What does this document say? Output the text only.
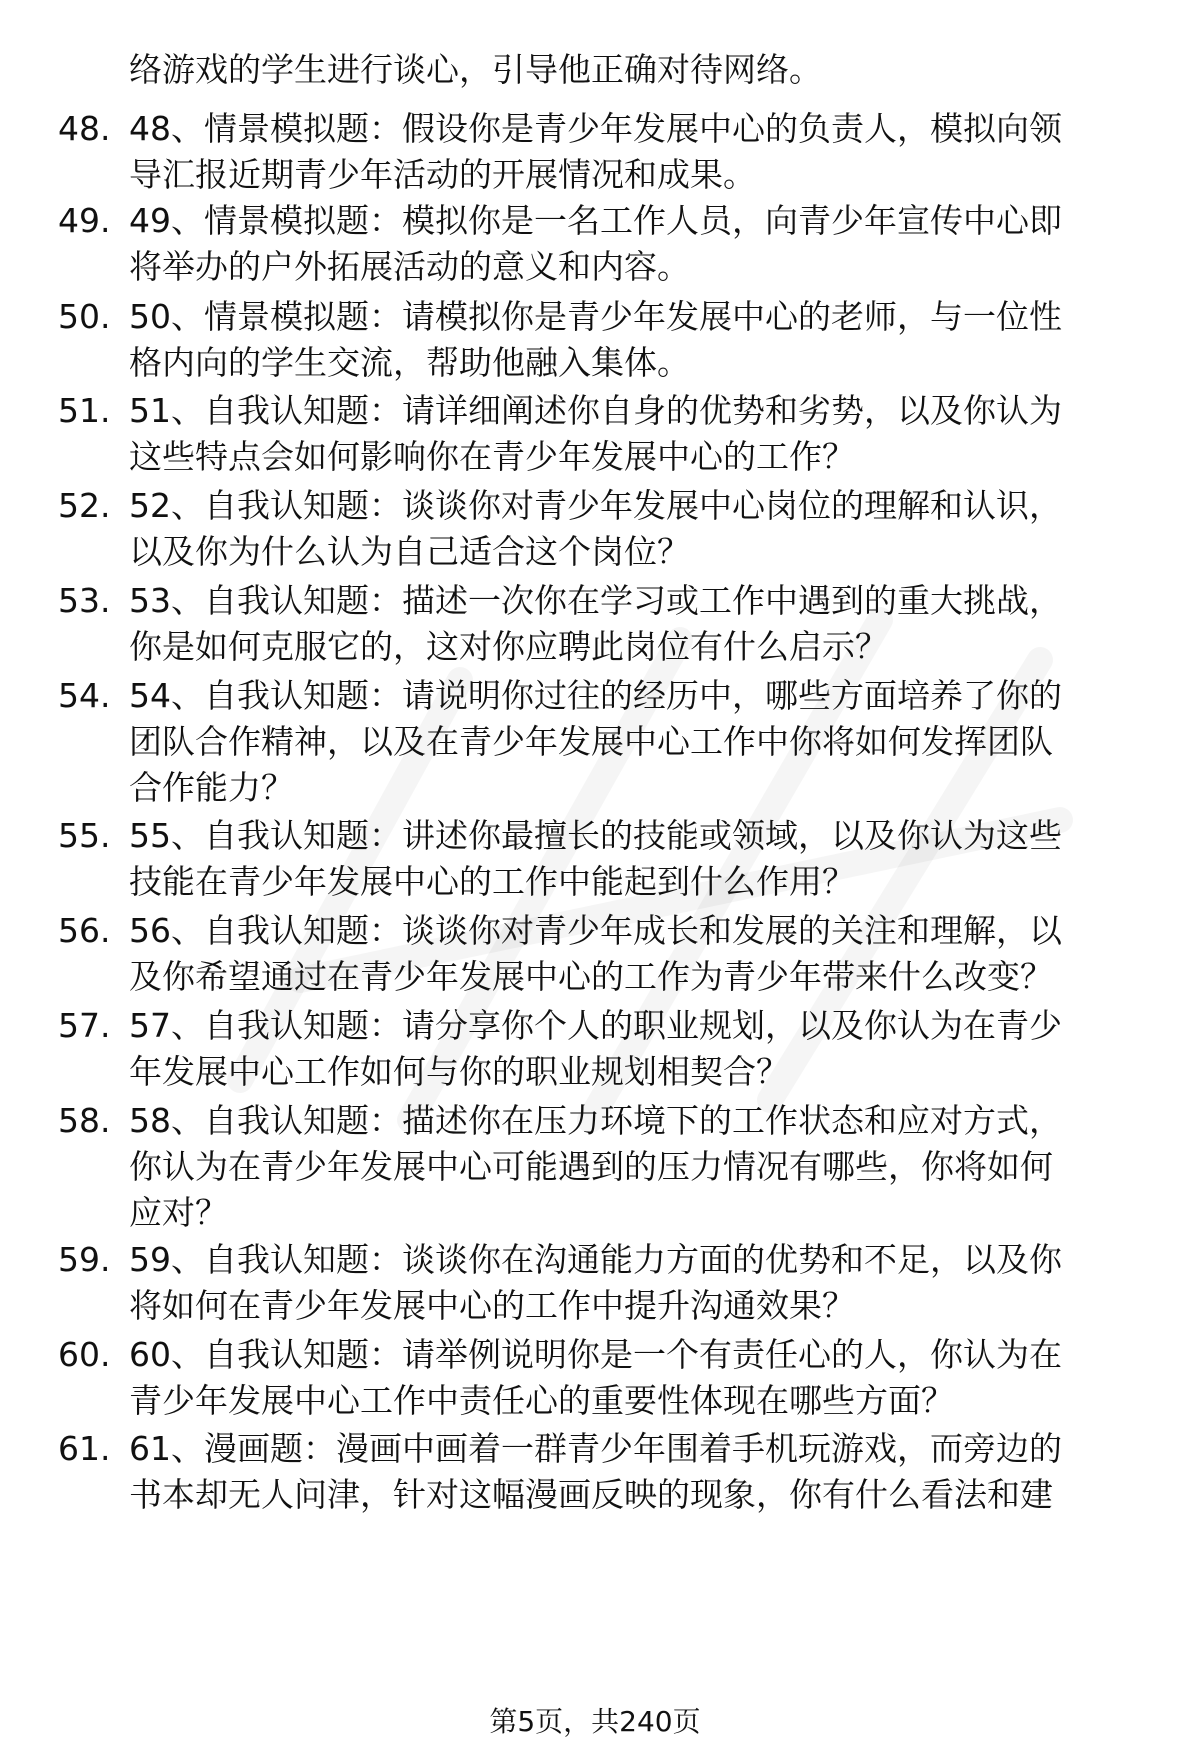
络游戏的学生进行谈心，引导他正确对待网络。
48. 48、情景模拟题：假设你是青少年发展中心的负责人，模拟向领
导汇报近期青少年活动的开展情况和成果。
49. 49、情景模拟题：模拟你是一名工作人员，向青少年宣传中心即
将举办的户外拓展活动的意义和内容。
50. 50、情景模拟题：请模拟你是青少年发展中心的老师，与一位性
格内向的学生交流，帮助他融入集体。
51. 51、自我认知题：请详细阐述你自身的优势和劣势，以及你认为
这些特点会如何影响你在青少年发展中心的工作？
52. 52、自我认知题：谈谈你对青少年发展中心岗位的理解和认识，
以及你为什么认为自己适合这个岗位？
53. 53、自我认知题：描述一次你在学习或工作中遇到的重大挑战，
你是如何克服它的，这对你应聘此岗位有什么启示？
54. 54、自我认知题：请说明你过往的经历中，哪些方面培养了你的
团队合作精神，以及在青少年发展中心工作中你将如何发挥团队
合作能力？
55. 55、自我认知题：讲述你最擅长的技能或领域，以及你认为这些
技能在青少年发展中心的工作中能起到什么作用？
56. 56、自我认知题：谈谈你对青少年成长和发展的关注和理解，以
及你希望通过在青少年发展中心的工作为青少年带来什么改变？
57. 57、自我认知题：请分享你个人的职业规划，以及你认为在青少
年发展中心工作如何与你的职业规划相契合？
58. 58、自我认知题：描述你在压力环境下的工作状态和应对方式，
你认为在青少年发展中心可能遇到的压力情况有哪些，你将如何
应对？
59. 59、自我认知题：谈谈你在沟通能力方面的优势和不足，以及你
将如何在青少年发展中心的工作中提升沟通效果？
60. 60、自我认知题：请举例说明你是一个有责任心的人，你认为在
青少年发展中心工作中责任心的重要性体现在哪些方面？
61. 61、漫画题：漫画中画着一群青少年围着手机玩游戏，而旁边的
书本却无人问津，针对这幅漫画反映的现象，你有什么看法和建
第5页，共240页
